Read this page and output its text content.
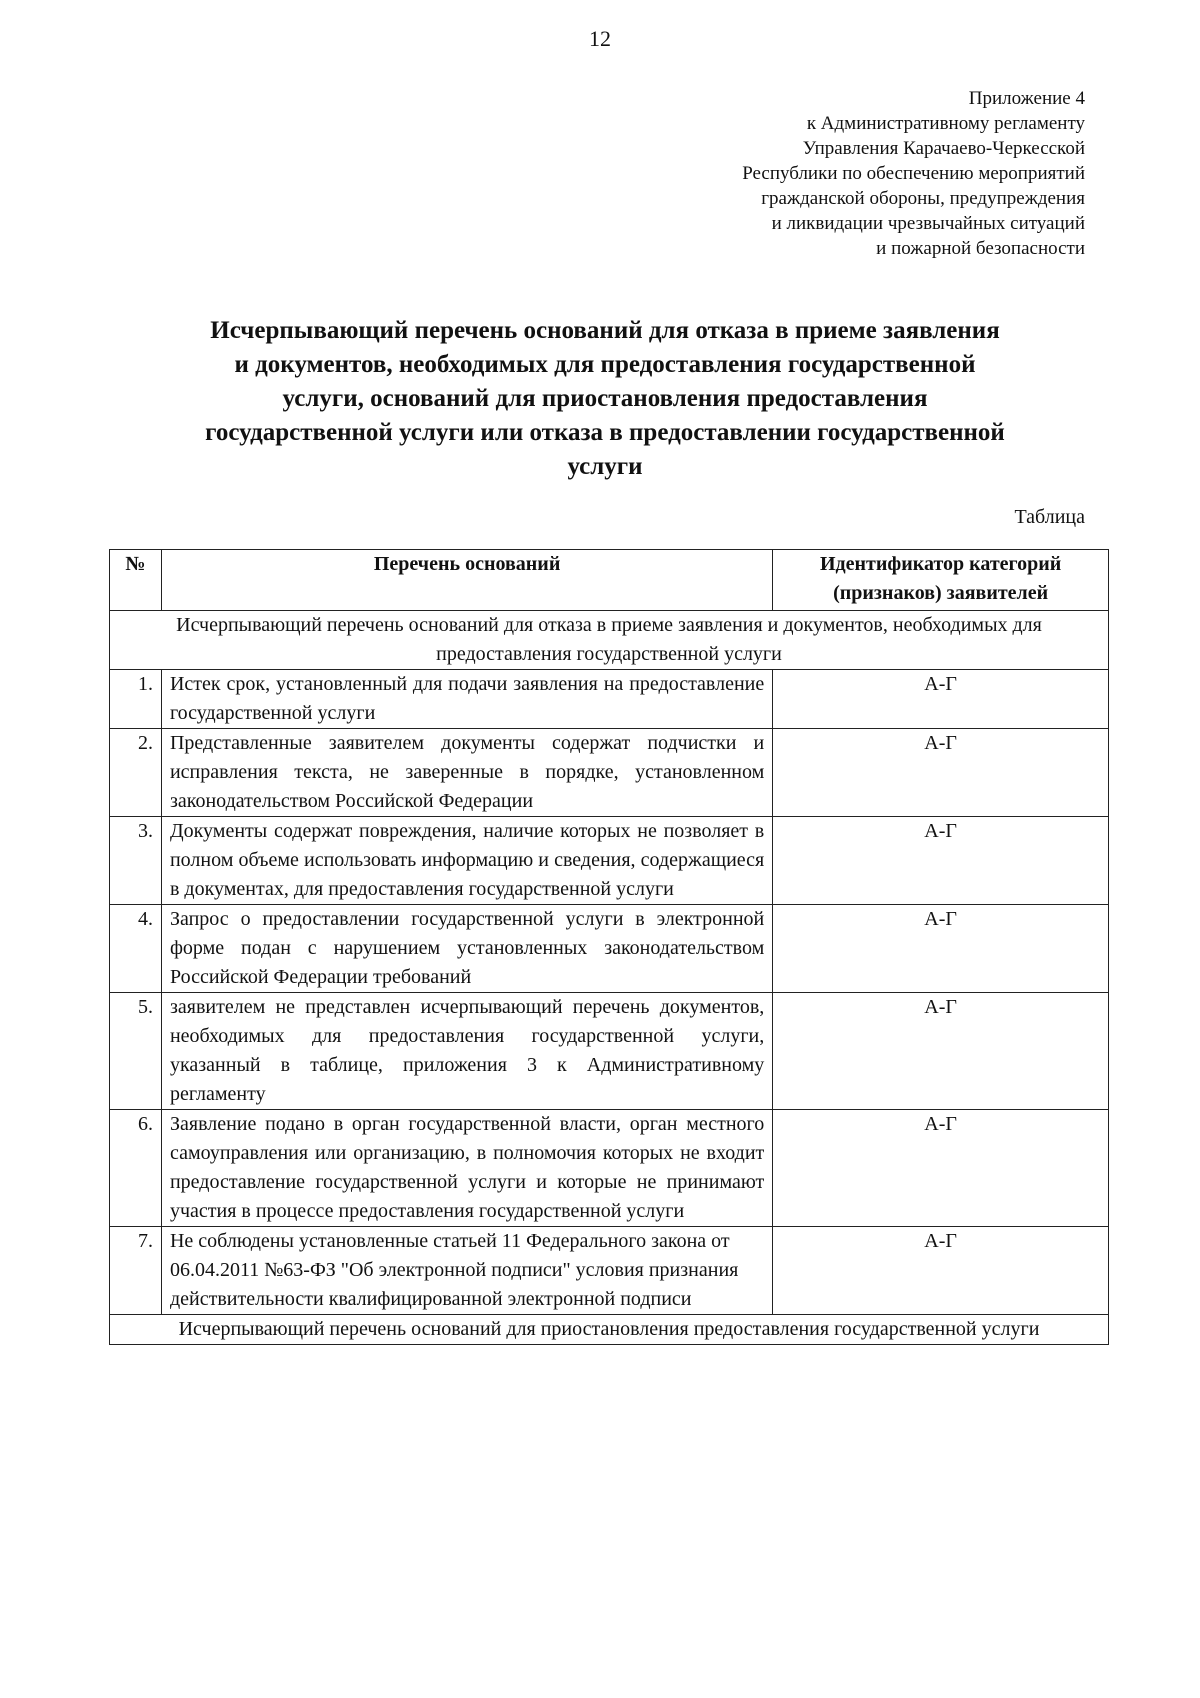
12
Приложение 4
к Административному регламенту
Управления Карачаево-Черкесской
Республики по обеспечению мероприятий
гражданской обороны, предупреждения
и ликвидации чрезвычайных ситуаций
и пожарной безопасности
Исчерпывающий перечень оснований для отказа в приеме заявления
и документов, необходимых для предоставления государственной
услуги, оснований для приостановления предоставления
государственной услуги или отказа в предоставлении государственной
услуги
Таблица
№	Перечень оснований	Идентификатор категорий (признаков) заявителей
Исчерпывающий перечень оснований для отказа в приеме заявления и документов, необходимых для предоставления государственной услуги		
1.	Истек срок, установленный для подачи заявления на предоставление государственной услуги	А-Г
2.	Представленные заявителем документы содержат подчистки и исправления текста, не заверенные в порядке, установленном законодательством Российской Федерации	А-Г
3.	Документы содержат повреждения, наличие которых не позволяет в полном объеме использовать информацию и сведения, содержащиеся в документах, для предоставления государственной услуги	А-Г
4.	Запрос о предоставлении государственной услуги в электронной форме подан с нарушением установленных законодательством Российской Федерации требований	А-Г
5.	заявителем не представлен исчерпывающий перечень документов, необходимых для предоставления государственной услуги, указанный в таблице, приложения 3 к Административному регламенту	А-Г
6.	Заявление подано в орган государственной власти, орган местного самоуправления или организацию, в полномочия которых не входит предоставление государственной услуги и которые не принимают участия в процессе предоставления государственной услуги	А-Г
7.	Не соблюдены установленные статьей 11 Федерального закона от 06.04.2011 №63-ФЗ "Об электронной подписи" условия признания действительности квалифицированной электронной подписи	А-Г
Исчерпывающий перечень оснований для приостановления предоставления государственной услуги		
